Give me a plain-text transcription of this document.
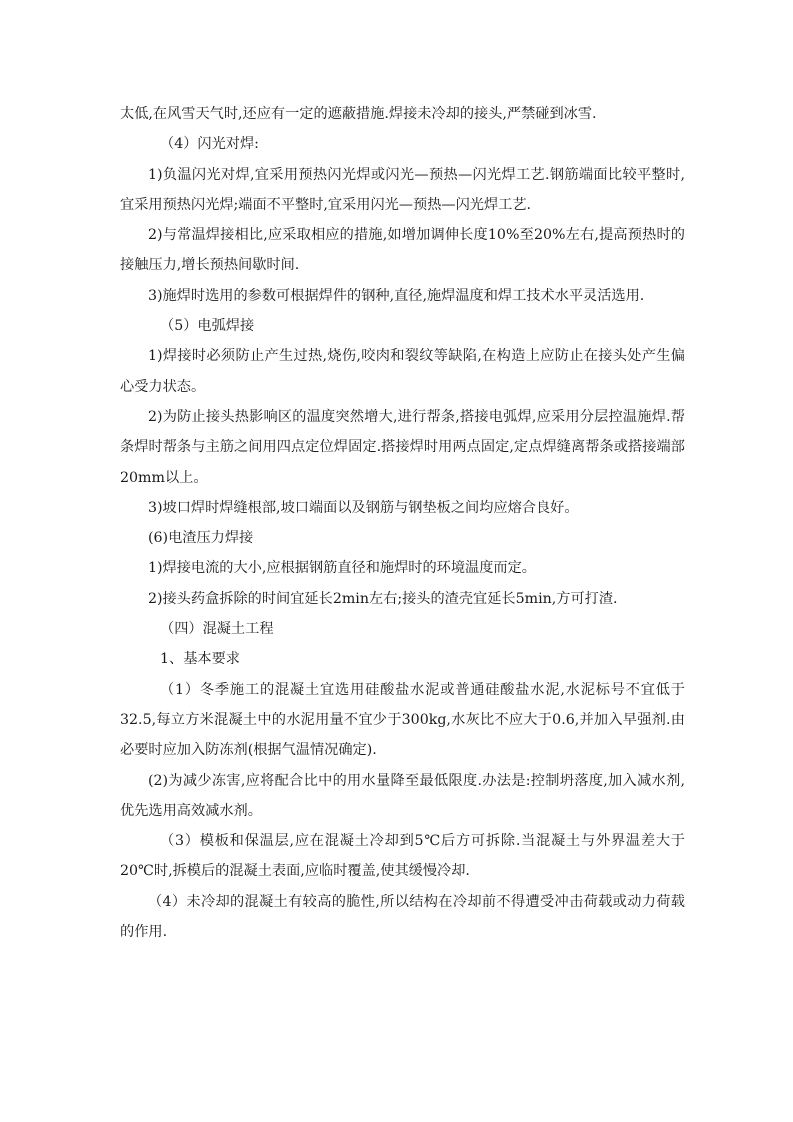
太低,在风雪天气时,还应有一定的遮蔽措施.焊接未冷却的接头,严禁碰到冰雪.

（4）闪光对焊:

1)负温闪光对焊,宜采用预热闪光焊或闪光—预热—闪光焊工艺.钢筋端面比较平整时,宜采用预热闪光焊;端面不平整时,宜采用闪光—预热—闪光焊工艺.

2)与常温焊接相比,应采取相应的措施,如增加调伸长度10%至20%左右,提高预热时的接触压力,增长预热间歇时间.

3)施焊时选用的参数可根据焊件的钢种,直径,施焊温度和焊工技术水平灵活选用.

（5）电弧焊接

1)焊接时必须防止产生过热,烧伤,咬肉和裂纹等缺陷,在构造上应防止在接头处产生偏心受力状态。

2)为防止接头热影响区的温度突然增大,进行帮条,搭接电弧焊,应采用分层控温施焊.帮条焊时帮条与主筋之间用四点定位焊固定.搭接焊时用两点固定,定点焊缝离帮条或搭接端部20mm以上。

3)坡口焊时焊缝根部,坡口端面以及钢筋与钢垫板之间均应熔合良好。

(6)电渣压力焊接

1)焊接电流的大小,应根据钢筋直径和施焊时的环境温度而定。

2)接头药盒拆除的时间宜延长2min左右;接头的渣壳宜延长5min,方可打渣.

（四）混凝土工程

1、基本要求

（1）冬季施工的混凝土宜选用硅酸盐水泥或普通硅酸盐水泥,水泥标号不宜低于32.5,每立方米混凝土中的水泥用量不宜少于300kg,水灰比不应大于0.6,并加入早强剂.由必要时应加入防冻剂(根据气温情况确定).

(2)为减少冻害,应将配合比中的用水量降至最低限度.办法是:控制坍落度,加入减水剂,优先选用高效减水剂。

（3）模板和保温层,应在混凝土冷却到5℃后方可拆除.当混凝土与外界温差大于20℃时,拆模后的混凝土表面,应临时覆盖,使其缓慢冷却.

（4）未冷却的混凝土有较高的脆性,所以结构在冷却前不得遭受冲击荷载或动力荷载的作用.
